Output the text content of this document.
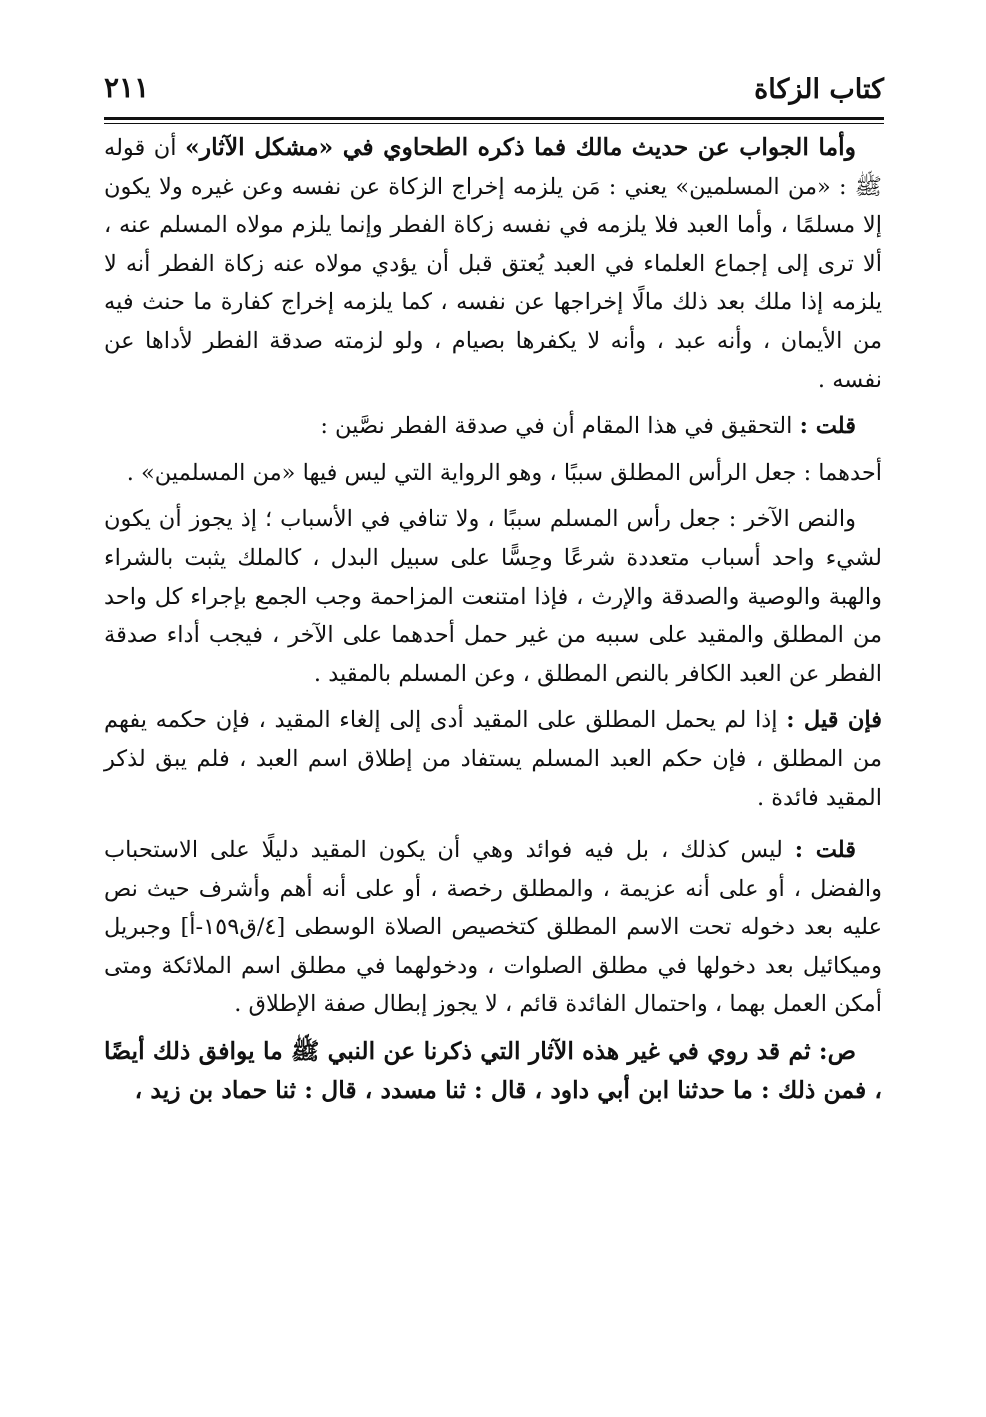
كتاب الزكاة
٢١١

وأما الجواب عن حديث مالك فما ذكره الطحاوي في «مشكل الآثار» أن قوله ﷺ : «من المسلمين» يعني : مَن يلزمه إخراج الزكاة عن نفسه وعن غيره ولا يكون إلا مسلمًا ، وأما العبد فلا يلزمه في نفسه زكاة الفطر وإنما يلزم مولاه المسلم عنه ، ألا ترى إلى إجماع العلماء في العبد يُعتق قبل أن يؤدي مولاه عنه زكاة الفطر أنه لا يلزمه إذا ملك بعد ذلك مالًا إخراجها عن نفسه ، كما يلزمه إخراج كفارة ما حنث فيه من الأيمان ، وأنه عبد ، وأنه لا يكفرها بصيام ، ولو لزمته صدقة الفطر لأداها عن نفسه .

قلت : التحقيق في هذا المقام أن في صدقة الفطر نصَّين :

أحدهما : جعل الرأس المطلق سببًا ، وهو الرواية التي ليس فيها «من المسلمين» .

والنص الآخر : جعل رأس المسلم سببًا ، ولا تنافي في الأسباب ؛ إذ يجوز أن يكون لشيء واحد أسباب متعددة شرعًا وحِسًّا على سبيل البدل ، كالملك يثبت بالشراء والهبة والوصية والصدقة والإرث ، فإذا امتنعت المزاحمة وجب الجمع بإجراء كل واحد من المطلق والمقيد على سببه من غير حمل أحدهما على الآخر ، فيجب أداء صدقة الفطر عن العبد الكافر بالنص المطلق ، وعن المسلم بالمقيد .

فإن قيل : إذا لم يحمل المطلق على المقيد أدى إلى إلغاء المقيد ، فإن حكمه يفهم من المطلق ، فإن حكم العبد المسلم يستفاد من إطلاق اسم العبد ، فلم يبق لذكر المقيد فائدة .

قلت : ليس كذلك ، بل فيه فوائد وهي أن يكون المقيد دليلًا على الاستحباب والفضل ، أو على أنه عزيمة ، والمطلق رخصة ، أو على أنه أهم وأشرف حيث نص عليه بعد دخوله تحت الاسم المطلق كتخصيص الصلاة الوسطى [٤/ق١٥٩-أ] وجبريل وميكائيل بعد دخولها في مطلق الصلوات ، ودخولهما في مطلق اسم الملائكة ومتى أمكن العمل بهما ، واحتمال الفائدة قائم ، لا يجوز إبطال صفة الإطلاق .

ص: ثم قد روي في غير هذه الآثار التي ذكرنا عن النبي ﷺ ما يوافق ذلك أيضًا ، فمن ذلك : ما حدثنا ابن أبي داود ، قال : ثنا مسدد ، قال : ثنا حماد بن زيد ،
